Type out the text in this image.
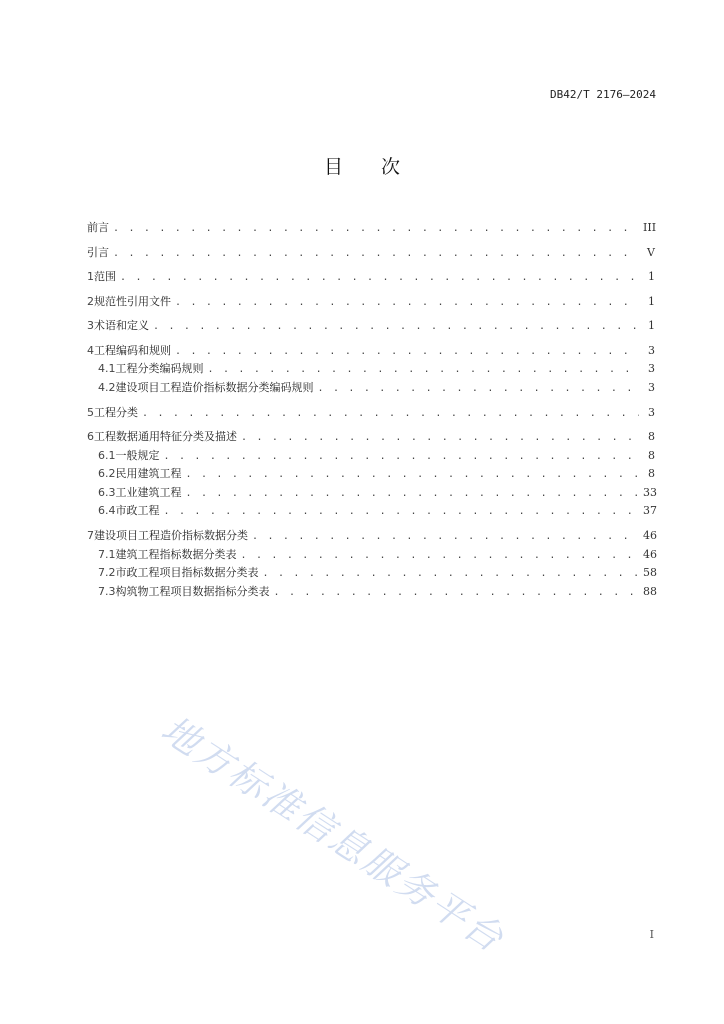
DB42/T 2176—2024
目 次
前言 . . .	III
引言 . . .	V
1 范围 . . .	1
2 规范性引用文件 . . .	1
3 术语和定义 . . .	1
4 工程编码和规则 . . .	3
4.1 工程分类编码规则 . . .	3
4.2 建设项目工程造价指标数据分类编码规则 . . .	3
5 工程分类 . . .	3
6 工程数据通用特征分类及描述 . . .	8
6.1 一般规定 . . .	8
6.2 民用建筑工程 . . .	8
6.3 工业建筑工程 . . .	33
6.4 市政工程 . . .	37
7 建设项目工程造价指标数据分类 . . .	46
7.1 建筑工程指标数据分类表 . . .	46
7.2 市政工程项目指标数据分类表 . . .	58
7.3 构筑物工程项目数据指标分类表 . . .	88
地方标准信息服务平台	I
